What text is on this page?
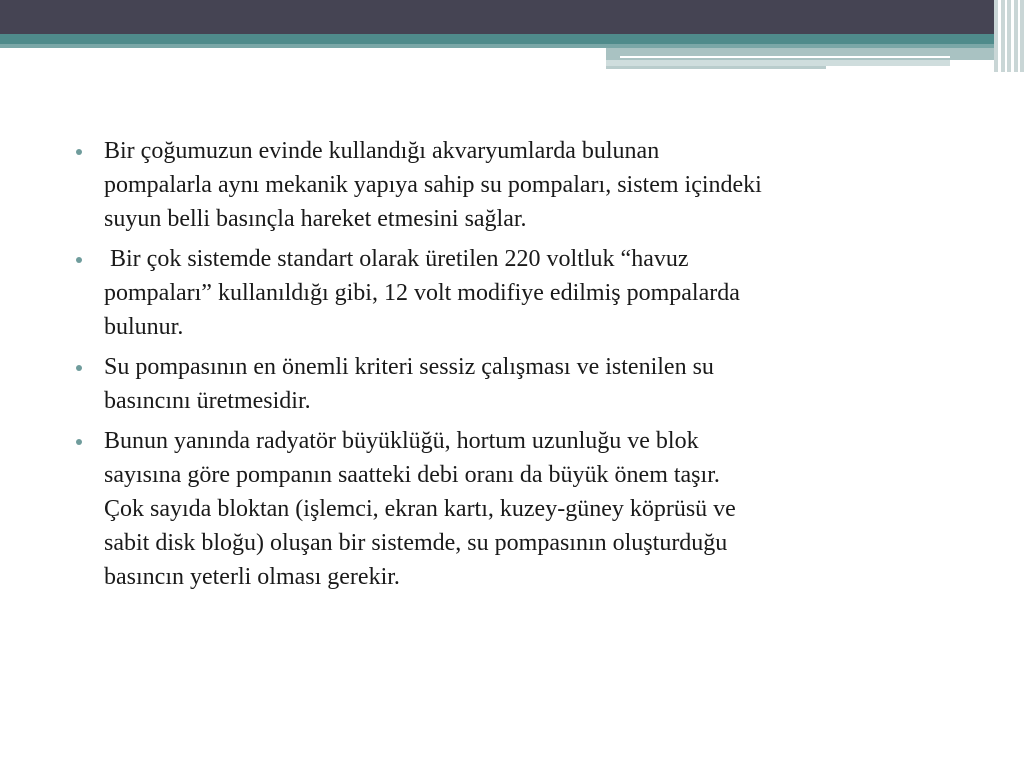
Bir çoğumuzun evinde kullandığı akvaryumlarda bulunan
pompalarla aynı mekanik yapıya sahip su pompaları, sistem içindeki
suyun belli basınçla hareket etmesini sağlar.
Bir çok sistemde standart olarak üretilen 220 voltluk “havuz
pompaları” kullanıldığı gibi, 12 volt modifiye edilmiş pompalarda
bulunur.
Su pompasının en önemli kriteri sessiz çalışması ve istenilen su
basıncını üretmesidir.
Bunun yanında radyatör büyüklüğü, hortum uzunluğu ve blok
sayısına göre pompanın saatteki debi oranı da büyük önem taşır.
Çok sayıda bloktan (işlemci, ekran kartı, kuzey-güney köprüsü ve
sabit disk bloğu) oluşan bir sistemde, su pompasının oluşturduğu
basıncın yeterli olması gerekir.
